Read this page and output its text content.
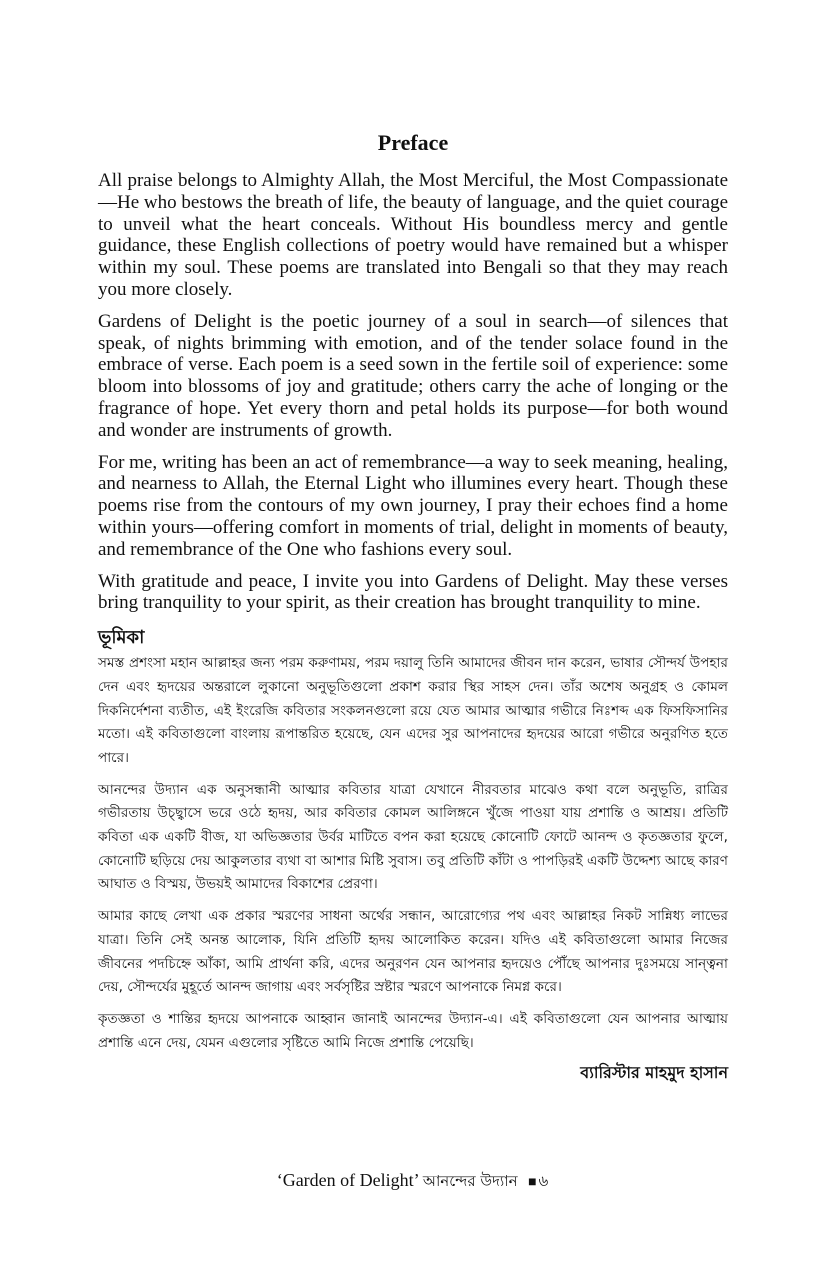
Preface

All praise belongs to Almighty Allah, the Most Merciful, the Most Compassionate—He who bestows the breath of life, the beauty of language, and the quiet courage to unveil what the heart conceals. Without His boundless mercy and gentle guidance, these English collections of poetry would have remained but a whisper within my soul. These poems are translated into Bengali so that they may reach you more closely.

Gardens of Delight is the poetic journey of a soul in search—of silences that speak, of nights brimming with emotion, and of the tender solace found in the embrace of verse. Each poem is a seed sown in the fertile soil of experience: some bloom into blossoms of joy and gratitude; others carry the ache of longing or the fragrance of hope. Yet every thorn and petal holds its purpose—for both wound and wonder are instruments of growth.

For me, writing has been an act of remembrance—a way to seek meaning, healing, and nearness to Allah, the Eternal Light who illumines every heart. Though these poems rise from the contours of my own journey, I pray their echoes find a home within yours—offering comfort in moments of trial, delight in moments of beauty, and remembrance of the One who fashions every soul.

With gratitude and peace, I invite you into Gardens of Delight. May these verses bring tranquility to your spirit, as their creation has brought tranquility to mine.

ভূমিকা

সমস্ত প্রশংসা মহান আল্লাহর জন্য পরম করুণাময়, পরম দয়ালু তিনি আমাদের জীবন দান করেন, ভাষার সৌন্দর্য উপহার দেন এবং হৃদয়ের অন্তরালে লুকানো অনুভূতিগুলো প্রকাশ করার স্থির সাহস দেন। তাঁর অশেষ অনুগ্রহ ও কোমল দিকনির্দেশনা ব্যতীত, এই ইংরেজি কবিতার সংকলনগুলো রয়ে যেত আমার আত্মার গভীরে নিঃশব্দ এক ফিসফিসানির মতো। এই কবিতাগুলো বাংলায় রূপান্তরিত হয়েছে, যেন এদের সুর আপনাদের হৃদয়ের আরো গভীরে অনুরণিত হতে পারে।

আনন্দের উদ্যান এক অনুসন্ধানী আত্মার কবিতার যাত্রা যেখানে নীরবতার মাঝেও কথা বলে অনুভূতি, রাত্রির গভীরতায় উচ্ছ্বাসে ভরে ওঠে হৃদয়, আর কবিতার কোমল আলিঙ্গনে খুঁজে পাওয়া যায় প্রশান্তি ও আশ্রয়। প্রতিটি কবিতা এক একটি বীজ, যা অভিজ্ঞতার উর্বর মাটিতে বপন করা হয়েছে কোনোটি ফোটে আনন্দ ও কৃতজ্ঞতার ফুলে, কোনোটি ছড়িয়ে দেয় আকুলতার ব্যথা বা আশার মিষ্টি সুবাস। তবু প্রতিটি কাঁটা ও পাপড়িরই একটি উদ্দেশ্য আছে কারণ আঘাত ও বিস্ময়, উভয়ই আমাদের বিকাশের প্রেরণা।

আমার কাছে লেখা এক প্রকার স্মরণের সাধনা অর্থের সন্ধান, আরোগ্যের পথ এবং আল্লাহর নিকট সান্নিধ্য লাভের যাত্রা। তিনি সেই অনন্ত আলোক, যিনি প্রতিটি হৃদয় আলোকিত করেন। যদিও এই কবিতাগুলো আমার নিজের জীবনের পদচিহ্নে আঁকা, আমি প্রার্থনা করি, এদের অনুরণন যেন আপনার হৃদয়েও পৌঁছে আপনার দুঃসময়ে সান্ত্বনা দেয়, সৌন্দর্যের মুহূর্তে আনন্দ জাগায় এবং সর্বসৃষ্টির স্রষ্টার স্মরণে আপনাকে নিমগ্ন করে।

কৃতজ্ঞতা ও শান্তির হৃদয়ে আপনাকে আহ্বান জানাই আনন্দের উদ্যান-এ। এই কবিতাগুলো যেন আপনার আত্মায় প্রশান্তি এনে দেয়, যেমন এগুলোর সৃষ্টিতে আমি নিজে প্রশান্তি পেয়েছি।

ব্যারিস্টার মাহমুদ হাসান
‘Garden of Delight’ আনন্দের উদ্যান ■ ৬
